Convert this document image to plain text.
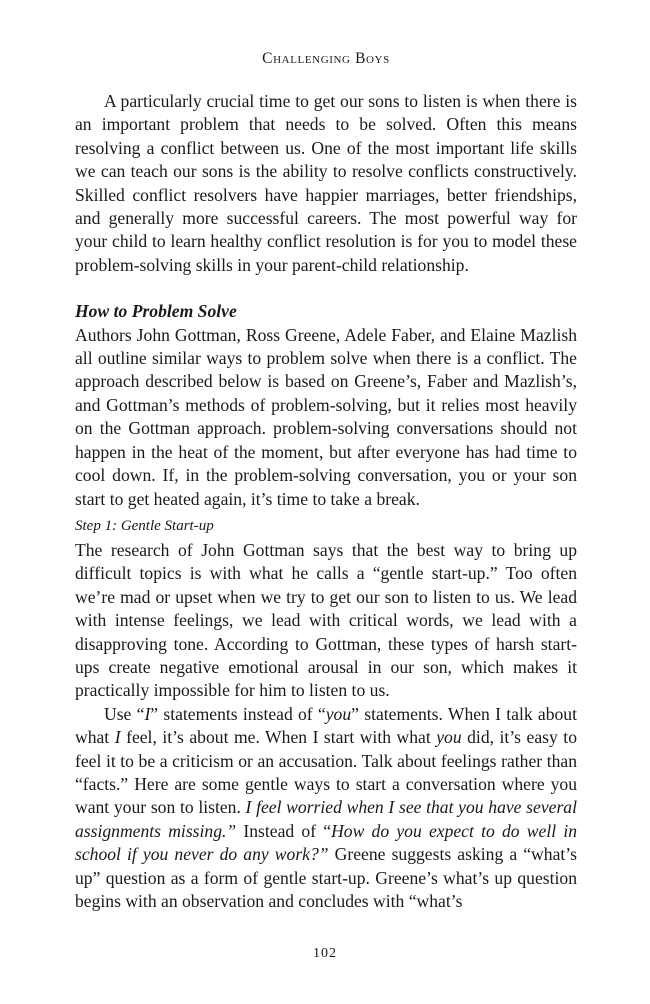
Challenging Boys

A particularly crucial time to get our sons to listen is when there is an important problem that needs to be solved. Often this means resolving a conflict between us. One of the most important life skills we can teach our sons is the ability to resolve conflicts constructively. Skilled conflict resolvers have happier marriages, better friendships, and generally more successful careers. The most powerful way for your child to learn healthy conflict resolution is for you to model these problem-solving skills in your parent-child relationship.

How to Problem Solve

Authors John Gottman, Ross Greene, Adele Faber, and Elaine Mazlish all outline similar ways to problem solve when there is a conflict. The approach described below is based on Greene’s, Faber and Mazlish’s, and Gottman’s methods of problem-solving, but it relies most heavily on the Gottman approach. problem-solving conversations should not happen in the heat of the moment, but after everyone has had time to cool down. If, in the problem-solving conversation, you or your son start to get heated again, it’s time to take a break.

Step 1: Gentle Start-up

The research of John Gottman says that the best way to bring up difficult topics is with what he calls a “gentle start-up.” Too often we’re mad or upset when we try to get our son to listen to us. We lead with intense feelings, we lead with critical words, we lead with a disapproving tone. According to Gottman, these types of harsh start-ups create negative emotional arousal in our son, which makes it practically impossible for him to listen to us.

Use “I” statements instead of “you” statements. When I talk about what I feel, it’s about me. When I start with what you did, it’s easy to feel it to be a criticism or an accusation. Talk about feelings rather than “facts.” Here are some gentle ways to start a conversation where you want your son to listen. I feel worried when I see that you have several assignments missing.” Instead of “How do you expect to do well in school if you never do any work?” Greene suggests asking a “what’s up” question as a form of gentle start-up. Greene’s what’s up question begins with an observation and concludes with “what’s

102
